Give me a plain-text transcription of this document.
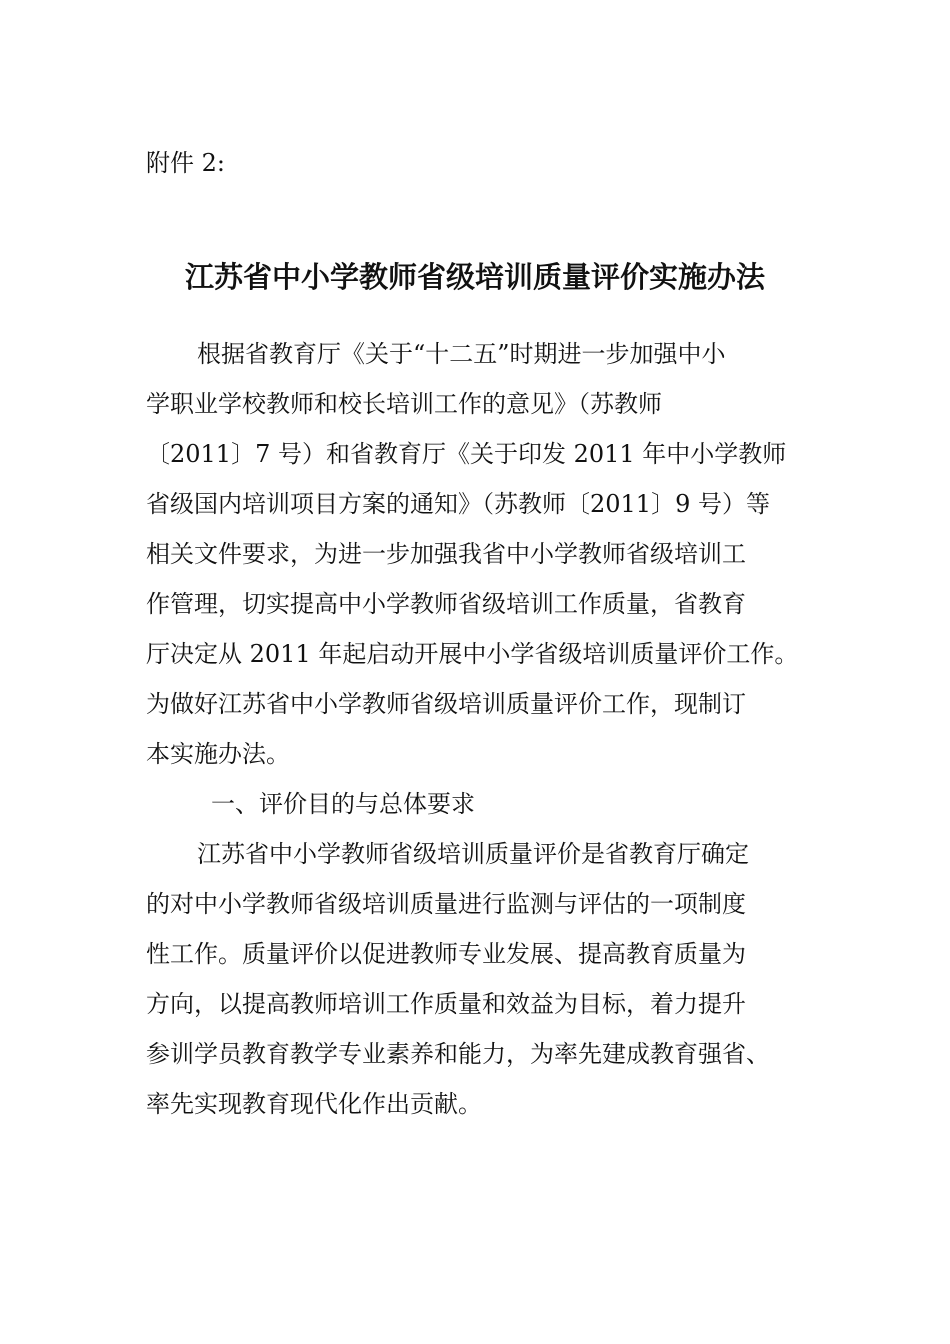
附件 2:
江苏省中小学教师省级培训质量评价实施办法
根据省教育厅《关于“十二五”时期进一步加强中小
学职业学校教师和校长培训工作的意见》（苏教师
〔2011〕7 号）和省教育厅《关于印发 2011 年中小学教师
省级国内培训项目方案的通知》（苏教师〔2011〕9 号）等
相关文件要求，为进一步加强我省中小学教师省级培训工
作管理，切实提高中小学教师省级培训工作质量，省教育
厅决定从 2011 年起启动开展中小学省级培训质量评价工作。
为做好江苏省中小学教师省级培训质量评价工作，现制订
本实施办法。
一、评价目的与总体要求
江苏省中小学教师省级培训质量评价是省教育厅确定
的对中小学教师省级培训质量进行监测与评估的一项制度
性工作。质量评价以促进教师专业发展、提高教育质量为
方向，以提高教师培训工作质量和效益为目标，着力提升
参训学员教育教学专业素养和能力，为率先建成教育强省、
率先实现教育现代化作出贡献。
